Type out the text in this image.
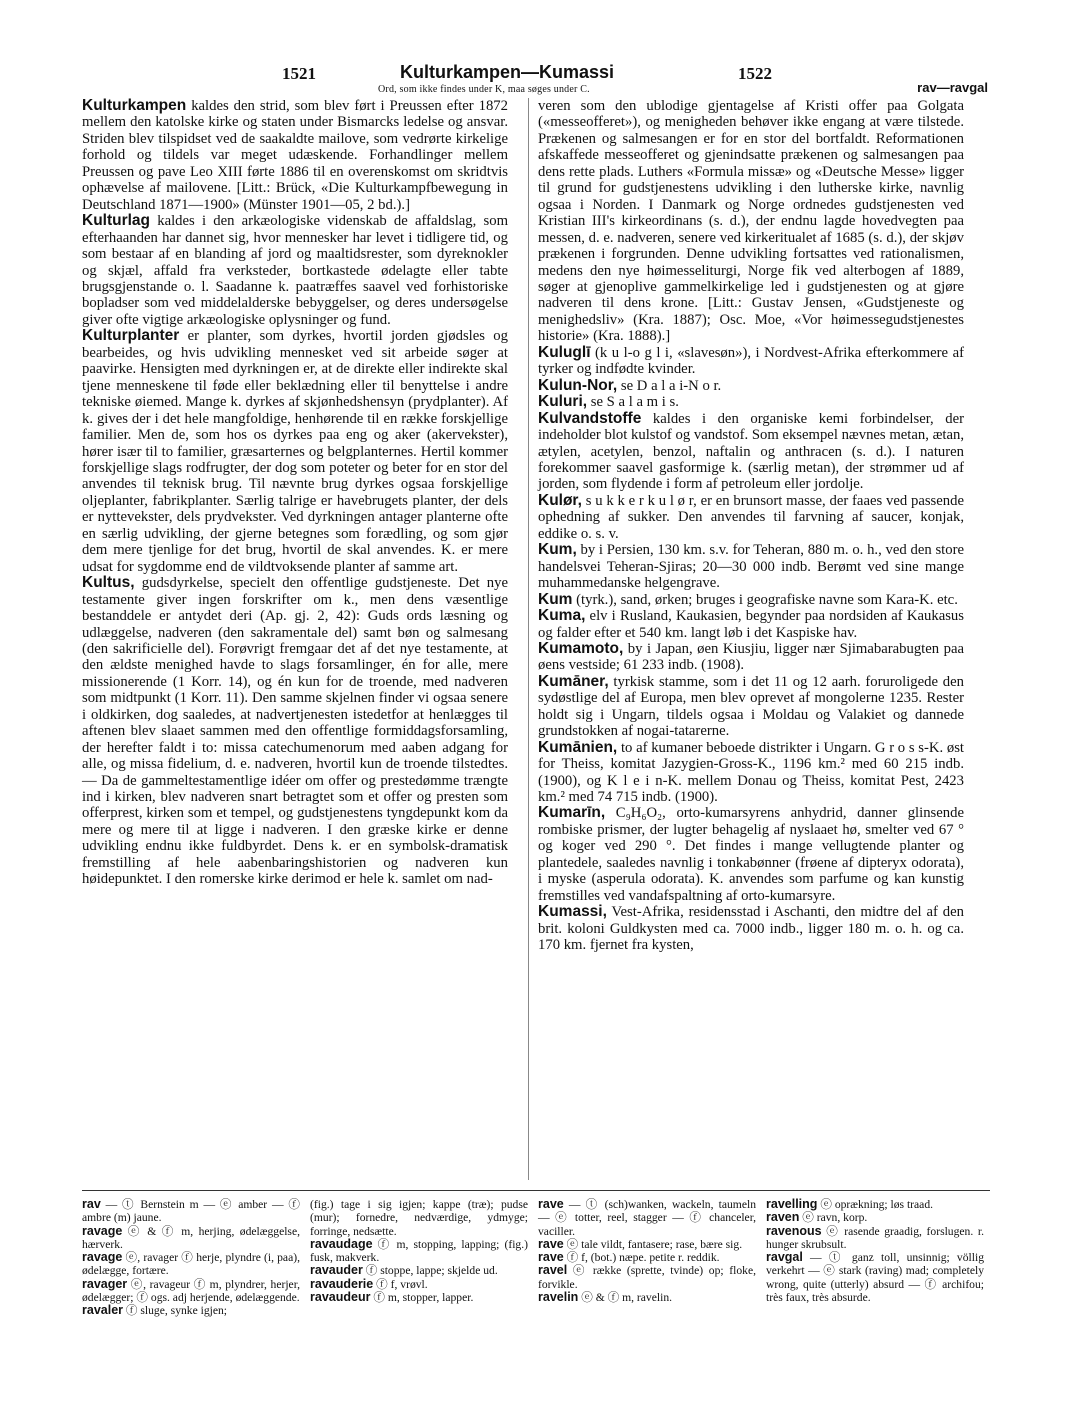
1521	Kulturkampen—Kumassi	1522
Ord, som ikke findes under K, maa søges under C.	rav—ravgal

Kulturkampen kaldes den strid, som blev ført i Preussen efter 1872 mellem den katolske kirke og staten under Bismarcks ledelse og ansvar. Striden blev tilspidset ved de saakaldte mailove, som vedrørte kirkelige forhold og tildels var meget udæskende. Forhandlinger mellem Preussen og pave Leo XIII førte 1886 til en overenskomst om skridtvis ophævelse af mailovene. [Litt.: Brück, «Die Kulturkampfbewegung in Deutschland 1871—1900» (Münster 1901—05, 2 bd.).]

Kulturlag kaldes i den arkæologiske videnskab de affaldslag, som efterhaanden har dannet sig, hvor mennesker har levet i tidligere tid, og som bestaar af en blanding af jord og maaltidsrester, som dyreknokler og skjæl, affald fra verksteder, bortkastede ødelagte eller tabte brugsgjenstande o. l. Saadanne k. paatræffes saavel ved forhistoriske bopladser som ved middelalderske bebyggelser, og deres undersøgelse giver ofte vigtige arkæologiske oplysninger og fund.

Kulturplanter er planter, som dyrkes, hvortil jorden gjødsles og bearbeides, og hvis udvikling mennesket ved sit arbeide søger at paavirke. Hensigten med dyrkningen er, at de direkte eller indirekte skal tjene menneskene til føde eller beklædning eller til benyttelse i andre tekniske øiemed. Mange k. dyrkes af skjønhedshensyn (prydplanter). Af k. gives der i det hele mangfoldige, henhørende til en række forskjellige familier. Men de, som hos os dyrkes paa eng og aker (akervekster), hører især til to familier, græsarternes og belgplanternes. Hertil kommer forskjellige slags rodfrugter, der dog som poteter og beter for en stor del anvendes til teknisk brug. Til nævnte brug dyrkes ogsaa forskjellige oljeplanter, fabrikplanter. Særlig talrige er havebrugets planter, der dels er nyttevekster, dels prydvekster. Ved dyrkningen antager planterne ofte en særlig udvikling, der gjerne betegnes som forædling, og som gjør dem mere tjenlige for det brug, hvortil de skal anvendes. K. er mere udsat for sygdomme end de vildtvoksende planter af samme art.

Kultus, gudsdyrkelse, specielt den offentlige gudstjeneste. Det nye testamente giver ingen forskrifter om k., men dens væsentlige bestanddele er antydet deri (Ap. gj. 2, 42): Guds ords læsning og udlæggelse, nadveren (den sakramentale del) samt bøn og salmesang (den sakrificielle del). Forøvrigt fremgaar det af det nye testamente, at den ældste menighed havde to slags forsamlinger, én for alle, mere missionerende (1 Korr. 14), og én kun for de troende, med nadveren som midtpunkt (1 Korr. 11). Den samme skjelnen finder vi ogsaa senere i oldkirken, dog saaledes, at nadvertjenesten istedetfor at henlægges til aftenen blev slaaet sammen med den offentlige formiddagsforsamling, der herefter faldt i to: missa catechumenorum med aaben adgang for alle, og missa fidelium, d. e. nadveren, hvortil kun de troende tilstedtes. — Da de gammeltestamentlige idéer om offer og prestedømme trængte ind i kirken, blev nadveren snart betragtet som et offer og presten som offerprest, kirken som et tempel, og gudstjenestens tyngdepunkt kom da mere og mere til at ligge i nadveren. I den græske kirke er denne udvikling endnu ikke fuldbyrdet. Dens k. er en symbolsk-dramatisk fremstilling af hele aabenbaringshistorien og nadveren kun høidepunktet. I den romerske kirke derimod er hele k. samlet om nad-

veren som den ublodige gjentagelse af Kristi offer paa Golgata («messeofferet»), og menigheden behøver ikke engang at være tilstede. Prækenen og salmesangen er for en stor del bortfaldt. Reformationen afskaffede messeofferet og gjenindsatte prækenen og salmesangen paa dens rette plads. Luthers «Formula missæ» og «Deutsche Messe» ligger til grund for gudstjenestens udvikling i den lutherske kirke, navnlig ogsaa i Norden. I Danmark og Norge ordnedes gudstjenesten ved Kristian III's kirkeordinans (s. d.), der endnu lagde hovedvegten paa messen, d. e. nadveren, senere ved kirkeritualet af 1685 (s. d.), der skjøv prækenen i forgrunden. Denne udvikling fortsattes ved rationalismen, medens den nye høimesseliturgi, Norge fik ved alterbogen af 1889, søger at gjenoplive gammelkirkelige led i gudstjenesten og at gjøre nadveren til dens krone. [Litt.: Gustav Jensen, «Gudstjeneste og menighedsliv» (Kra. 1887); Osc. Moe, «Vor høimessegudstjenestes historie» (Kra. 1888).]

Kuluglī (k u l-o g l i, «slavesøn»), i Nordvest-Afrika efterkommere af tyrker og indfødte kvinder.

Kulun-Nor, se D a l a i-N o r.

Kuluri, se S a l a m i s.

Kulvandstoffe kaldes i den organiske kemi forbindelser, der indeholder blot kulstof og vandstof. Som eksempel nævnes metan, ætan, ætylen, acetylen, benzol, naftalin og anthracen (s. d.). I naturen forekommer saavel gasformige k. (særlig metan), der strømmer ud af jorden, som flydende i form af petroleum eller jordolje.

Kulør, s u k k e r k u l ø r, er en brunsort masse, der faaes ved passende ophedning af sukker. Den anvendes til farvning af saucer, konjak, eddike o. s. v.

Kum, by i Persien, 130 km. s.v. for Teheran, 880 m. o. h., ved den store handelsvei Teheran-Sjiras; 20—30 000 indb. Berømt ved sine mange muhammedanske helgengrave.

Kum (tyrk.), sand, ørken; bruges i geografiske navne som Kara-K. etc.

Kuma, elv i Rusland, Kaukasien, begynder paa nordsiden af Kaukasus og falder efter et 540 km. langt løb i det Kaspiske hav.

Kumamoto, by i Japan, øen Kiusjiu, ligger nær Sjimabarabugten paa øens vestside; 61 233 indb. (1908).

Kumāner, tyrkisk stamme, som i det 11 og 12 aarh. foruroligede den sydøstlige del af Europa, men blev oprevet af mongolerne 1235. Rester holdt sig i Ungarn, tildels ogsaa i Moldau og Valakiet og dannede grundstokken af nogai-tatarerne.

Kumānien, to af kumaner beboede distrikter i Ungarn. G r o s s-K. øst for Theiss, komitat Jazygien-Gross-K., 1196 km.² med 60 215 indb. (1900), og K l e i n-K. mellem Donau og Theiss, komitat Pest, 2423 km.² med 74 715 indb. (1900).

Kumarīn, C₉H₆O₂, orto-kumarsyrens anhydrid, danner glinsende rombiske prismer, der lugter behagelig af nyslaaet hø, smelter ved 67 ° og koger ved 290 °. Det findes i mange vellugtende planter og plantedele, saaledes navnlig i tonkabønner (frøene af dipteryx odorata), i myske (asperula odorata). K. anvendes som parfume og kan kunstig fremstilles ved vandafspaltning af orto-kumarsyre.

Kumassi, Vest-Afrika, residensstad i Aschanti, den midtre del af den brit. koloni Guldkysten med ca. 7000 indb., ligger 180 m. o. h. og ca. 170 km. fjernet fra kysten,

rav — ⓣ Bernstein m — ⓔ amber — ⓕ ambre (m) jaune.

ravage ⓔ & ⓕ m, herjing, ødelæggelse, hærverk.

ravage ⓔ, ravager ⓕ herje, plyndre (i, paa), ødelægge, fortære.

ravager ⓔ, ravageur ⓕ m, plyndrer, herjer, ødelægger; ⓕ ogs. adj herjende, ødelæggende.

ravaler ⓕ sluge, synke igjen;

(fig.) tage i sig igjen; kappe (træ); pudse (mur); fornedre, nedværdige, ydmyge; forringe, nedsætte.

ravaudage ⓕ m, stopping, lapping; (fig.) fusk, makverk.

ravauder ⓕ stoppe, lappe; skjelde ud.

ravauderie ⓕ f, vrøvl.

ravaudeur ⓕ m, stopper, lapper.

rave — ⓣ (sch)wanken, wackeln, taumeln — ⓔ totter, reel, stagger — ⓕ chanceler, vaciller.

rave ⓔ tale vildt, fantasere; rase, bære sig.

rave ⓕ f, (bot.) næpe. petite r. reddik.

ravel ⓔ række (sprette, tvinde) op; floke, forvikle.

ravelin ⓔ & ⓕ m, ravelin.

ravelling ⓔ oprækning; løs traad.

raven ⓔ ravn, korp.

ravenous ⓔ rasende graadig, forslugen. r. hunger skrubsult.

ravgal — ⓣ ganz toll, unsinnig; völlig verkehrt — ⓔ stark (raving) mad; completely wrong, quite (utterly) absurd — ⓕ archifou; très faux, très absurde.
